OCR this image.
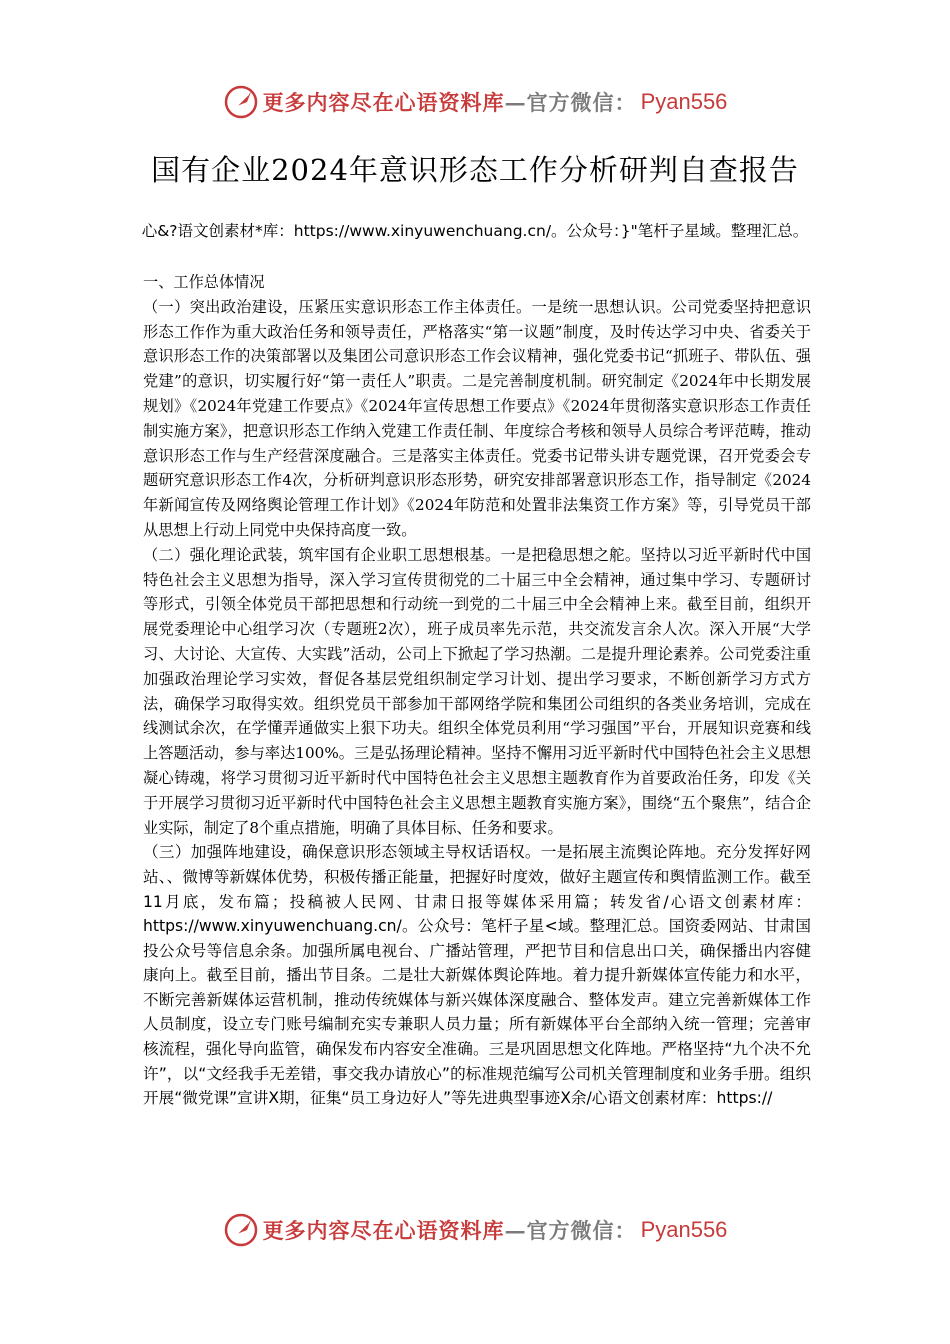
更多内容尽在心语资料库 — 官方微信： Pyan556
国有企业2024年意识形态工作分析研判自查报告
心&?语文创素材*库：https://www.xinyuwenchuang.cn/。公众号：}"笔杆子星域。整理汇总。

一、工作总体情况

（一）突出政治建设，压紧压实意识形态工作主体责任。一是统一思想认识。公司党委坚持把意识形态工作作为重大政治任务和领导责任，严格落实“第一议题”制度，及时传达学习中央、省委关于意识形态工作的决策部署以及集团公司意识形态工作会议精神，强化党委书记“抓班子、带队伍、强党建”的意识，切实履行好“第一责任人”职责。二是完善制度机制。研究制定《2024年中长期发展规划》《2024年党建工作要点》《2024年宣传思想工作要点》《2024年贯彻落实意识形态工作责任制实施方案》，把意识形态工作纳入党建工作责任制、年度综合考核和领导人员综合考评范畴，推动意识形态工作与生产经营深度融合。三是落实主体责任。党委书记带头讲专题党课，召开党委会专题研究意识形态工作4次，分析研判意识形态形势，研究安排部署意识形态工作，指导制定《2024年新闻宣传及网络舆论管理工作计划》《2024年防范和处置非法集资工作方案》等，引导党员干部从思想上行动上同党中央保持高度一致。

（二）强化理论武装，筑牢国有企业职工思想根基。一是把稳思想之舵。坚持以习近平新时代中国特色社会主义思想为指导，深入学习宣传贯彻党的二十届三中全会精神，通过集中学习、专题研讨等形式，引领全体党员干部把思想和行动统一到党的二十届三中全会精神上来。截至目前，组织开展党委理论中心组学习次（专题班2次），班子成员率先示范，共交流发言余人次。深入开展“大学习、大讨论、大宣传、大实践”活动，公司上下掀起了学习热潮。二是提升理论素养。公司党委注重加强政治理论学习实效，督促各基层党组织制定学习计划、提出学习要求，不断创新学习方式方法，确保学习取得实效。组织党员干部参加干部网络学院和集团公司组织的各类业务培训，完成在线测试余次，在学懂弄通做实上狠下功夫。组织全体党员利用“学习强国”平台，开展知识竞赛和线上答题活动，参与率达100%。三是弘扬理论精神。坚持不懈用习近平新时代中国特色社会主义思想凝心铸魂，将学习贯彻习近平新时代中国特色社会主义思想主题教育作为首要政治任务，印发《关于开展学习贯彻习近平新时代中国特色社会主义思想主题教育实施方案》，围绕“五个聚焦”，结合企业实际，制定了8个重点措施，明确了具体目标、任务和要求。

（三）加强阵地建设，确保意识形态领域主导权话语权。一是拓展主流舆论阵地。充分发挥好网站、、微博等新媒体优势，积极传播正能量，把握好时度效，做好主题宣传和舆情监测工作。截至11月底，发布篇；投稿被人民网、甘肃日报等媒体采用篇；转发省/心语文创素材库：https://www.xinyuwenchuang.cn/。公众号：笔杆子星<域。整理汇总。国资委网站、甘肃国投公众号等信息余条。加强所属电视台、广播站管理，严把节目和信息出口关，确保播出内容健康向上。截至目前，播出节目条。二是壮大新媒体舆论阵地。着力提升新媒体宣传能力和水平，不断完善新媒体运营机制，推动传统媒体与新兴媒体深度融合、整体发声。建立完善新媒体工作人员制度，设立专门账号编制充实专兼职人员力量；所有新媒体平台全部纳入统一管理；完善审核流程，强化导向监管，确保发布内容安全准确。三是巩固思想文化阵地。严格坚持“九个决不允许”，以“文经我手无差错，事交我办请放心”的标准规范编写公司机关管理制度和业务手册。组织开展“微党课”宣讲X期，征集“员工身边好人”等先进典型事迹X余/心语文创素材库：https://

更多内容尽在心语资料库 — 官方微信： Pyan556
